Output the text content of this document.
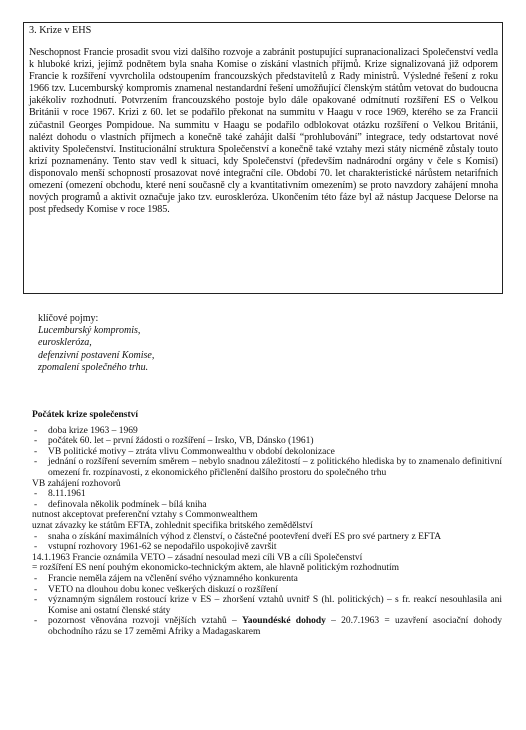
3. Krize v EHS

Neschopnost Francie prosadit svou vizi dalšího rozvoje a zabránit postupující supranacionalizaci Společenství vedla k hluboké krizi, jejímž podnětem byla snaha Komise o získání vlastních příjmů. Krize signalizovaná již odporem Francie k rozšíření vyvrcholila odstoupením francouzských představitelů z Rady ministrů. Výsledné řešení z roku 1966 tzv. Lucemburský kompromis znamenal nestandardní řešení umožňující členským státům vetovat do budoucna jakékoliv rozhodnutí. Potvrzením francouzského postoje bylo dále opakované odmítnutí rozšíření ES o Velkou Británii v roce 1967. Krizi z 60. let se podařilo překonat na summitu v Haagu v roce 1969, kterého se za Francii zúčastnil Georges Pompidoue. Na summitu v Haagu se podařilo odblokovat otázku rozšíření o Velkou Británii, nalézt dohodu o vlastních příjmech a konečně také zahájit další “prohlubování” integrace, tedy odstartovat nové aktivity Společenství. Institucionální struktura Společenství a konečně také vztahy mezi státy nicméně zůstaly touto krizí poznamenány. Tento stav vedl k situaci, kdy Společenství (především nadnárodní orgány v čele s Komisí) disponovalo menší schopností prosazovat nové integrační cíle. Období 70. let charakteristické nárůstem netarifních omezení (omezení obchodu, které není současně cly a kvantitativním omezením) se proto navzdory zahájení mnoha nových programů a aktivit označuje jako tzv. euroskleróza. Ukončením této fáze byl až nástup Jacquese Delorse na post předsedy Komise v roce 1985.

klíčové pojmy:
Lucemburský kompromis,
euroskleróza,
defenzivní postavení Komise,
zpomalení společného trhu.
Počátek krize společenství
- doba krize 1963 – 1969
- počátek 60. let – první žádosti o rozšíření – Irsko, VB, Dánsko (1961)
- VB politické motivy – ztráta vlivu Commonwealthu v období dekolonizace
- jednání o rozšíření severním směrem – nebylo snadnou záležitostí – z politického hlediska by to znamenalo definitivní omezení fr. rozpínavosti, z ekonomického přičlenění dalšího prostoru do společného trhu
VB zahájení rozhovorů
- 8.11.1961
- definovala několik podmínek – bílá kniha
nutnost akceptovat preferenční vztahy s Commonwealthem
uznat závazky ke státům EFTA, zohlednit specifika britského zemědělství
- snaha o získání maximálních výhod z členství, o částečné pootevření dveří ES pro své partnery z EFTA
- vstupní rozhovory 1961-62 se nepodařilo uspokojivě završit
14.1.1963 Francie oznámila VETO – zásadní nesoulad mezi cíli VB a cíli Společenství
= rozšíření ES není pouhým ekonomicko-technickým aktem, ale hlavně politickým rozhodnutím
- Francie neměla zájem na včlenění svého významného konkurenta
- VETO na dlouhou dobu konec veškerých diskuzí o rozšíření
- významným signálem rostoucí krize v ES – zhoršení vztahů uvnitř S (hl. politických) – s fr. reakcí nesouhlasila ani Komise ani ostatní členské státy
- pozornost věnována rozvoji vnějších vztahů – Yaoundéské dohody – 20.7.1963 = uzavření asociační dohody obchodního rázu se 17 zeměmi Afriky a Madagaskarem
